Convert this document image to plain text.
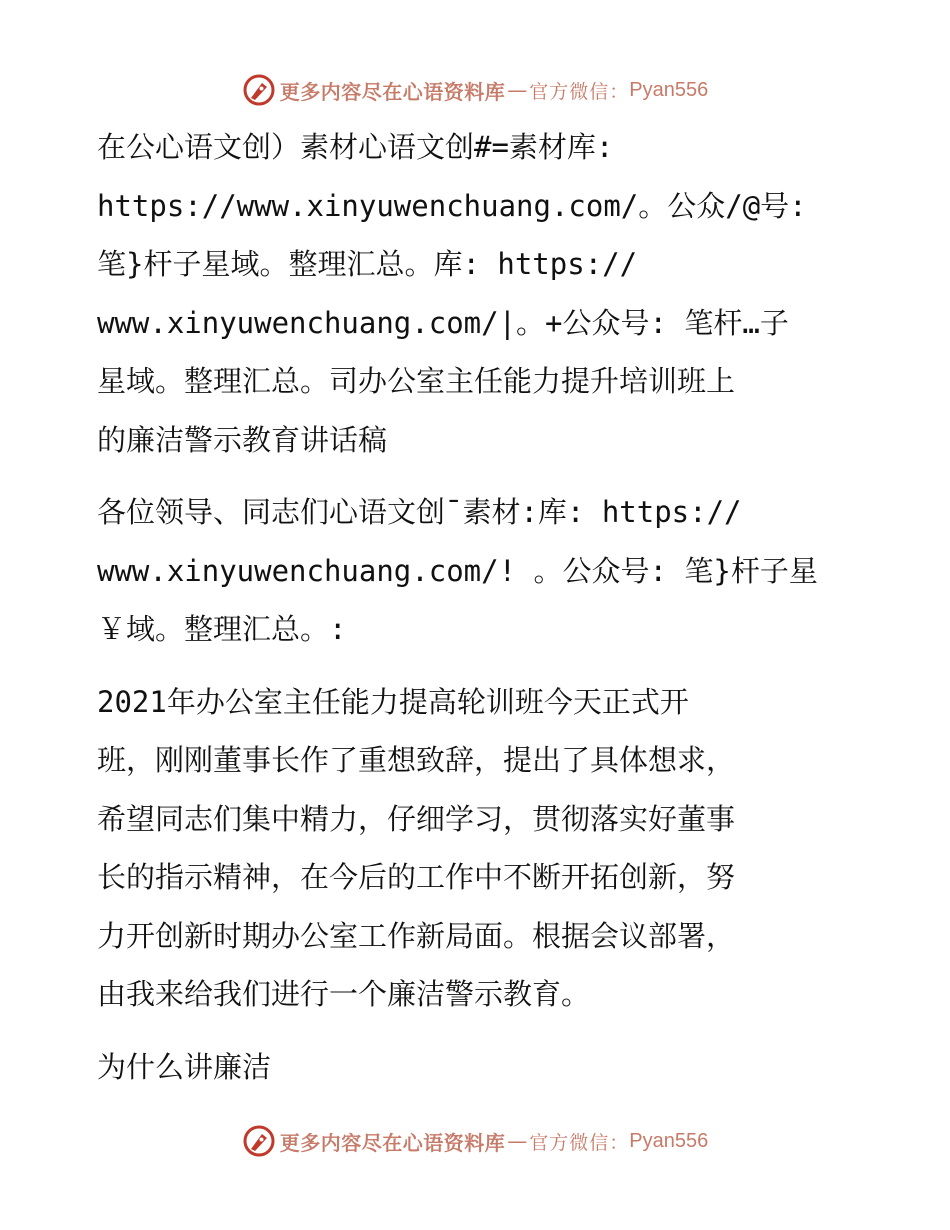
更多内容尽在心语资料库 — 官方微信： Pyan556
在公心语文创）素材心语文创#=素材库:
https://www.xinyuwenchuang.com/。公众/@号:
笔}杆子星域。整理汇总。库: https://
www.xinyuwenchuang.com/|。+公众号: 笔杆…子
星域。整理汇总。司办公室主任能力提升培训班上
的廉洁警示教育讲话稿
各位领导、同志们心语文创¯素材:库: https://
www.xinyuwenchuang.com/! 。公众号: 笔}杆子星
￥域。整理汇总。:
2021年办公室主任能力提高轮训班今天正式开
班，刚刚董事长作了重想致辞，提出了具体想求，
希望同志们集中精力，仔细学习，贯彻落实好董事
长的指示精神，在今后的工作中不断开拓创新，努
力开创新时期办公室工作新局面。根据会议部署，
由我来给我们进行一个廉洁警示教育。
为什么讲廉洁
更多内容尽在心语资料库 — 官方微信： Pyan556
